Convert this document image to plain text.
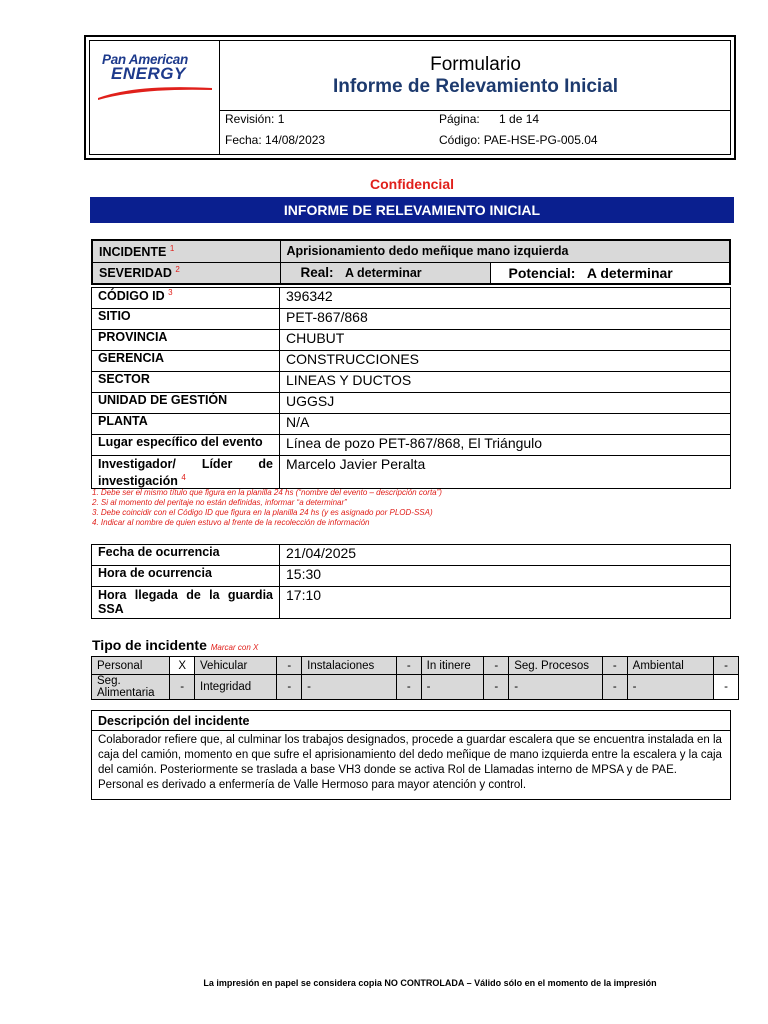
Pan American
ENERGY	Formulario
Informe de Relevamiento Inicial
Revisión: 1	Página: 1 de 14
Fecha: 14/08/2023	Código: PAE-HSE-PG-005.04
Confidencial
INFORME DE RELEVAMIENTO INICIAL
INCIDENTE $^1$	Aprisionamiento dedo meñique mano izquierda	
SEVERIDAD $^2$	Real: A determinar	Potencial: A determinar
CÓDIGO ID $^3$	396342
SITIO	PET-867/868
PROVINCIA	CHUBUT
GERENCIA	CONSTRUCCIONES
SECTOR	LINEAS Y DUCTOS
UNIDAD DE GESTIÓN	UGGSJ
PLANTA	N/A
Lugar específico del evento	Línea de pozo PET-867/868, El Triángulo
Investigador/ Líder de investigación $^4$	Marcelo Javier Peralta
1. Debe ser el mismo título que figura en la planilla 24 hs (“nombre del evento – descripción corta”)
2. Si al momento del peritaje no están definidas, informar “a determinar”
3. Debe coincidir con el Código ID que figura en la planilla 24 hs (y es asignado por PLOD-SSA)
4. Indicar al nombre de quien estuvo al frente de la recolección de información
Fecha de ocurrencia	21/04/2025
Hora de ocurrencia	15:30
Hora llegada de la guardia SSA	17:10
Tipo de incidente Marcar con X
Personal	X	Vehicular	-	Instalaciones	-	In itinere	-	Seg. Procesos	-	Ambiental	-
Seg. Alimentaria	-	Integridad	-	-	-	-	-	-	-	-	-
Descripción del incidente
Colaborador refiere que, al culminar los trabajos designados, procede a guardar escalera que se encuentra instalada en la caja del camión, momento en que sufre el aprisionamiento del dedo meñique de mano izquierda entre la escalera y la caja del camión. Posteriormente se traslada a base VH3 donde se activa Rol de Llamadas interno de MPSA y de PAE. Personal es derivado a enfermería de Valle Hermoso para mayor atención y control.
La impresión en papel se considera copia NO CONTROLADA – Válido sólo en el momento de la impresión
